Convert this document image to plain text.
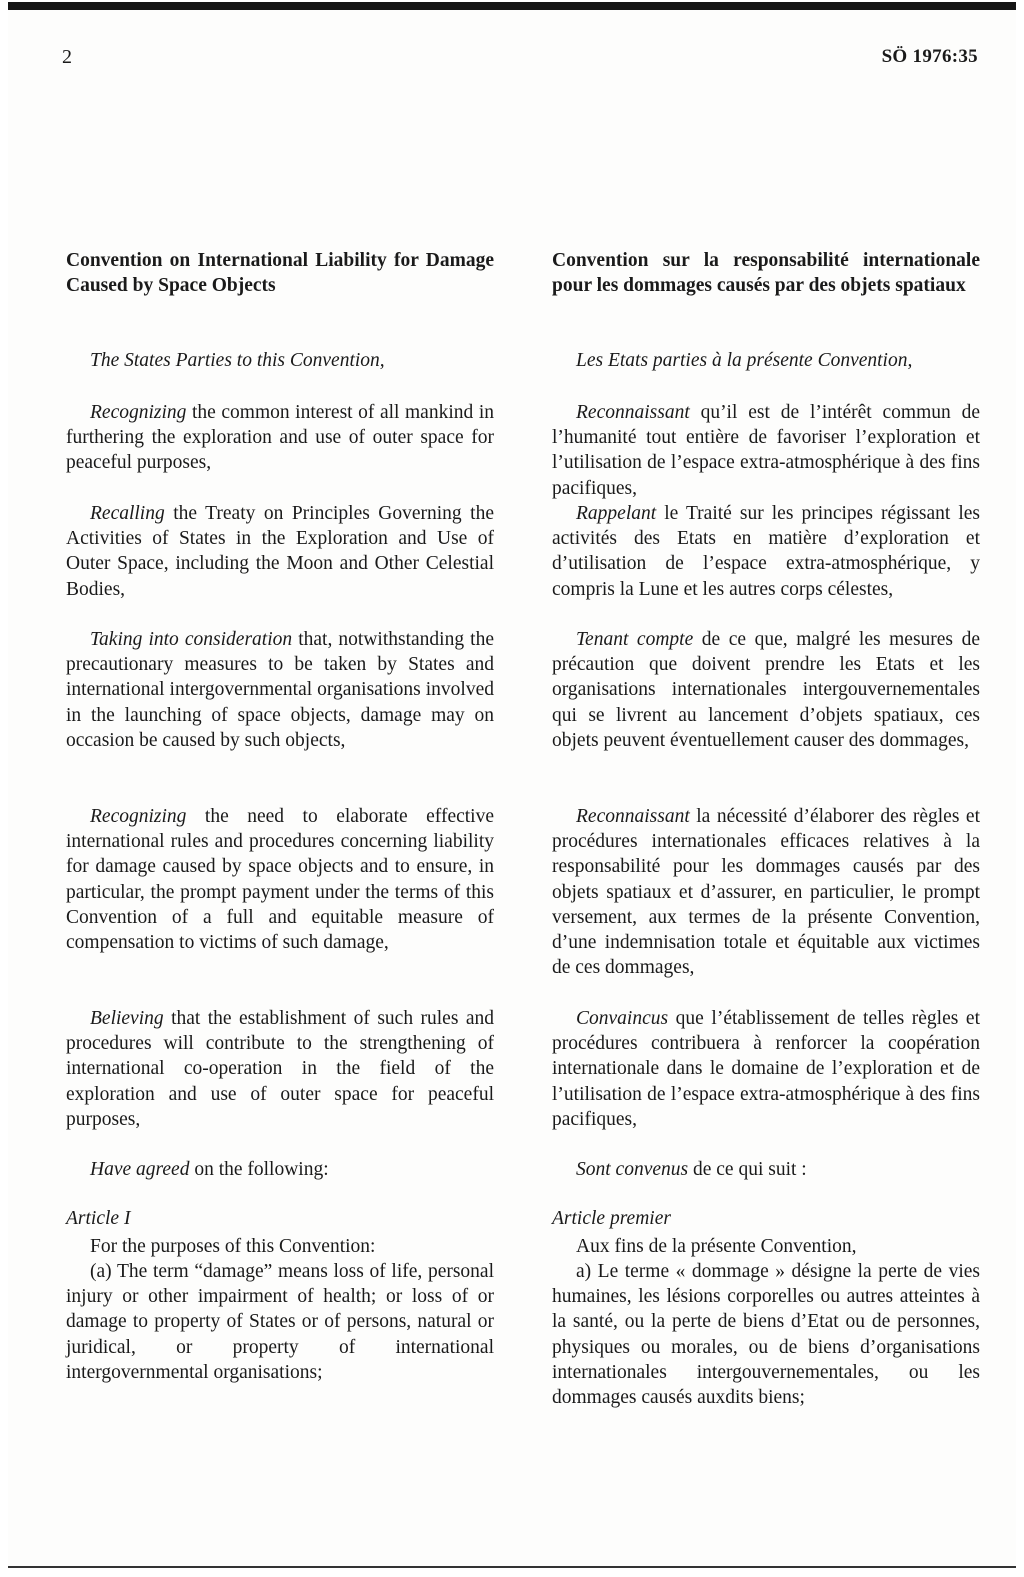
2	SÖ 1976:35
Convention on International Liability for Damage Caused by Space Objects

The States Parties to this Convention,

Recognizing the common interest of all mankind in furthering the exploration and use of outer space for peaceful purposes,

Recalling the Treaty on Principles Governing the Activities of States in the Exploration and Use of Outer Space, including the Moon and Other Celestial Bodies,

Taking into consideration that, notwithstanding the precautionary measures to be taken by States and international intergovernmental organisations involved in the launching of space objects, damage may on occasion be caused by such objects,

Recognizing the need to elaborate effective international rules and procedures concerning liability for damage caused by space objects and to ensure, in particular, the prompt payment under the terms of this Convention of a full and equitable measure of compensation to victims of such damage,

Believing that the establishment of such rules and procedures will contribute to the strengthening of international co-operation in the field of the exploration and use of outer space for peaceful purposes,

Have agreed on the following:

Article I

For the purposes of this Convention:

(a) The term “damage” means loss of life, personal injury or other impairment of health; or loss of or damage to property of States or of persons, natural or juridical, or property of international intergovernmental organisations;

Convention sur la responsabilité internationale pour les dommages causés par des objets spatiaux

Les Etats parties à la présente Convention,

Reconnaissant qu’il est de l’intérêt commun de l’humanité tout entière de favoriser l’exploration et l’utilisation de l’espace extra-atmosphérique à des fins pacifiques,

Rappelant le Traité sur les principes régissant les activités des Etats en matière d’exploration et d’utilisation de l’espace extra-atmosphérique, y compris la Lune et les autres corps célestes,

Tenant compte de ce que, malgré les mesures de précaution que doivent prendre les Etats et les organisations internationales intergouvernementales qui se livrent au lancement d’objets spatiaux, ces objets peuvent éventuellement causer des dommages,

Reconnaissant la nécessité d’élaborer des règles et procédures internationales efficaces relatives à la responsabilité pour les dommages causés par des objets spatiaux et d’assurer, en particulier, le prompt versement, aux termes de la présente Convention, d’une indemnisation totale et équitable aux victimes de ces dommages,

Convaincus que l’établissement de telles règles et procédures contribuera à renforcer la coopération internationale dans le domaine de l’exploration et de l’utilisation de l’espace extra-atmosphérique à des fins pacifiques,

Sont convenus de ce qui suit :

Article premier

Aux fins de la présente Convention,

a) Le terme « dommage » désigne la perte de vies humaines, les lésions corporelles ou autres atteintes à la santé, ou la perte de biens d’Etat ou de personnes, physiques ou morales, ou de biens d’organisations internationales intergouvernementales, ou les dommages causés auxdits biens;
